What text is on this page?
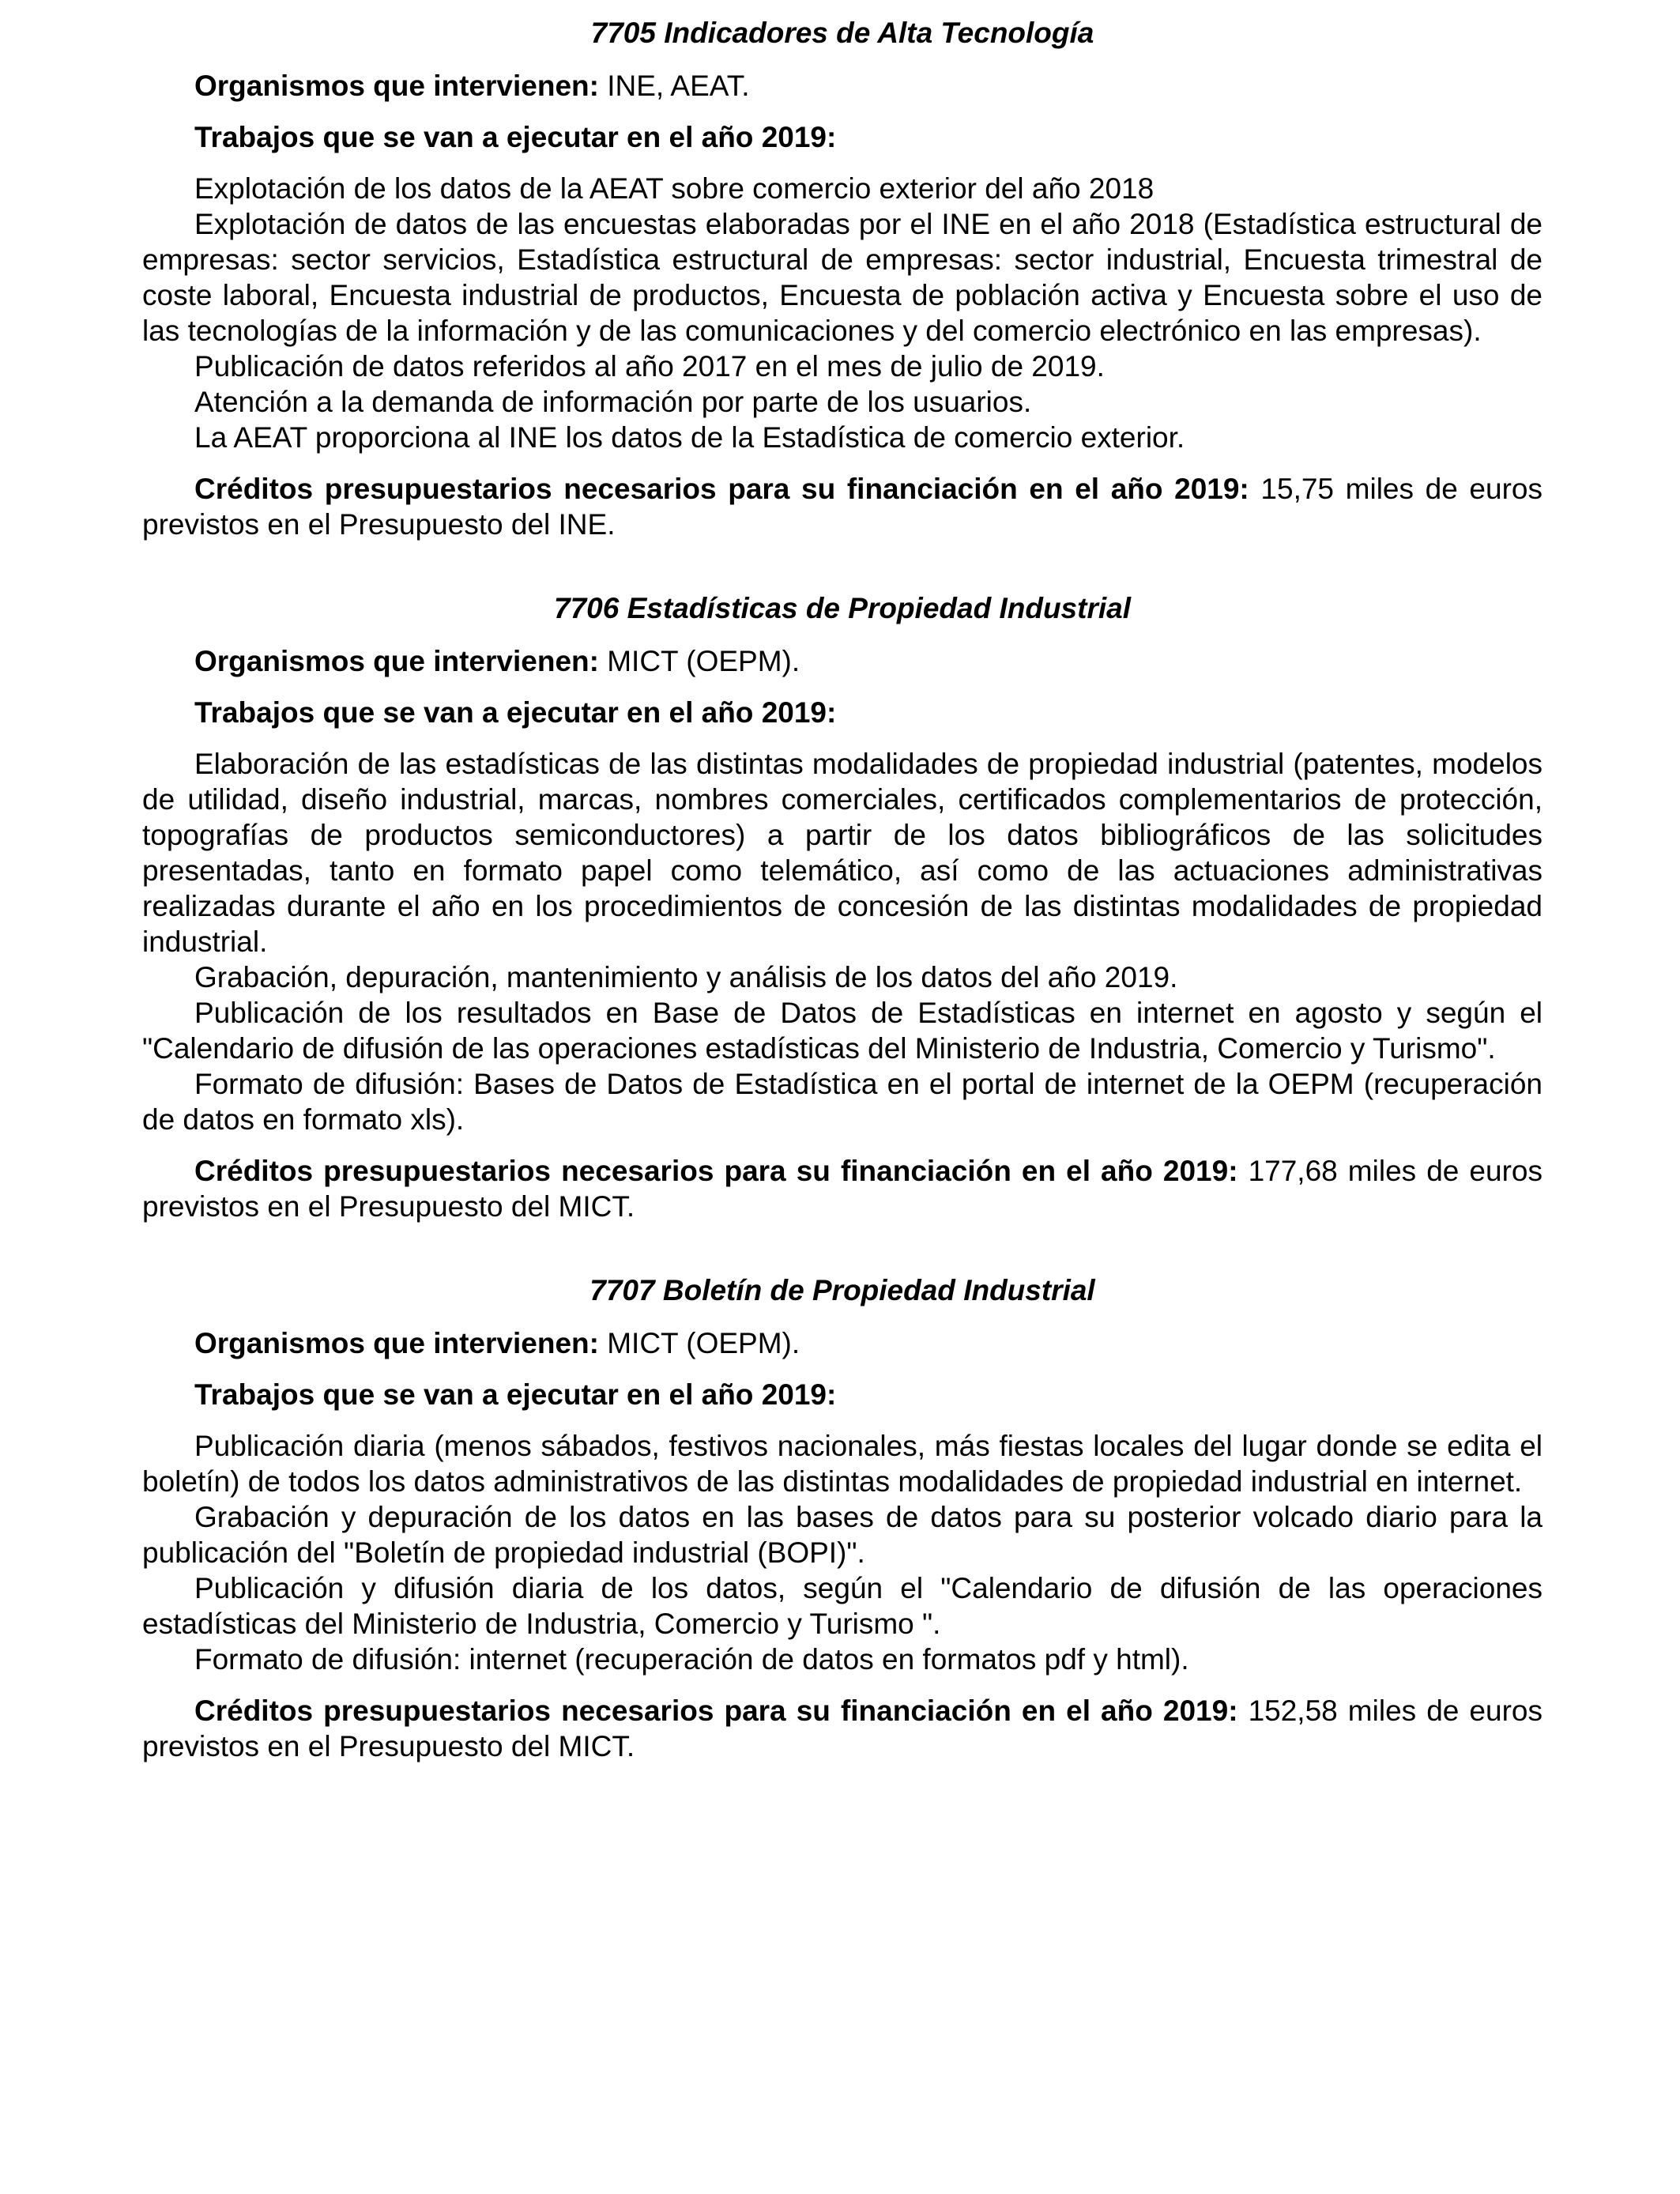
7705 Indicadores de Alta Tecnología

Organismos que intervienen: INE, AEAT.

Trabajos que se van a ejecutar en el año 2019:

Explotación de los datos de la AEAT sobre comercio exterior del año 2018

Explotación de datos de las encuestas elaboradas por el INE en el año 2018 (Estadística estructural de empresas: sector servicios, Estadística estructural de empresas: sector industrial, Encuesta trimestral de coste laboral, Encuesta industrial de productos, Encuesta de población activa y Encuesta sobre el uso de las tecnologías de la información y de las comunicaciones y del comercio electrónico en las empresas).

Publicación de datos referidos al año 2017 en el mes de julio de 2019.

Atención a la demanda de información por parte de los usuarios.

La AEAT proporciona al INE los datos de la Estadística de comercio exterior.

Créditos presupuestarios necesarios para su financiación en el año 2019: 15,75 miles de euros previstos en el Presupuesto del INE.

7706 Estadísticas de Propiedad Industrial

Organismos que intervienen: MICT (OEPM).

Trabajos que se van a ejecutar en el año 2019:

Elaboración de las estadísticas de las distintas modalidades de propiedad industrial (patentes, modelos de utilidad, diseño industrial, marcas, nombres comerciales, certificados complementarios de protección, topografías de productos semiconductores) a partir de los datos bibliográficos de las solicitudes presentadas, tanto en formato papel como telemático, así como de las actuaciones administrativas realizadas durante el año en los procedimientos de concesión de las distintas modalidades de propiedad industrial.

Grabación, depuración, mantenimiento y análisis de los datos del año 2019.

Publicación de los resultados en Base de Datos de Estadísticas en internet en agosto y según el "Calendario de difusión de las operaciones estadísticas del Ministerio de Industria, Comercio y Turismo".

Formato de difusión: Bases de Datos de Estadística en el portal de internet de la OEPM (recuperación de datos en formato xls).

Créditos presupuestarios necesarios para su financiación en el año 2019: 177,68 miles de euros previstos en el Presupuesto del MICT.

7707 Boletín de Propiedad Industrial

Organismos que intervienen: MICT (OEPM).

Trabajos que se van a ejecutar en el año 2019:

Publicación diaria (menos sábados, festivos nacionales, más fiestas locales del lugar donde se edita el boletín) de todos los datos administrativos de las distintas modalidades de propiedad industrial en internet.

Grabación y depuración de los datos en las bases de datos para su posterior volcado diario para la publicación del "Boletín de propiedad industrial (BOPI)".

Publicación y difusión diaria de los datos, según el "Calendario de difusión de las operaciones estadísticas del Ministerio de Industria, Comercio y Turismo ".

Formato de difusión: internet (recuperación de datos en formatos pdf y html).

Créditos presupuestarios necesarios para su financiación en el año 2019: 152,58 miles de euros previstos en el Presupuesto del MICT.
